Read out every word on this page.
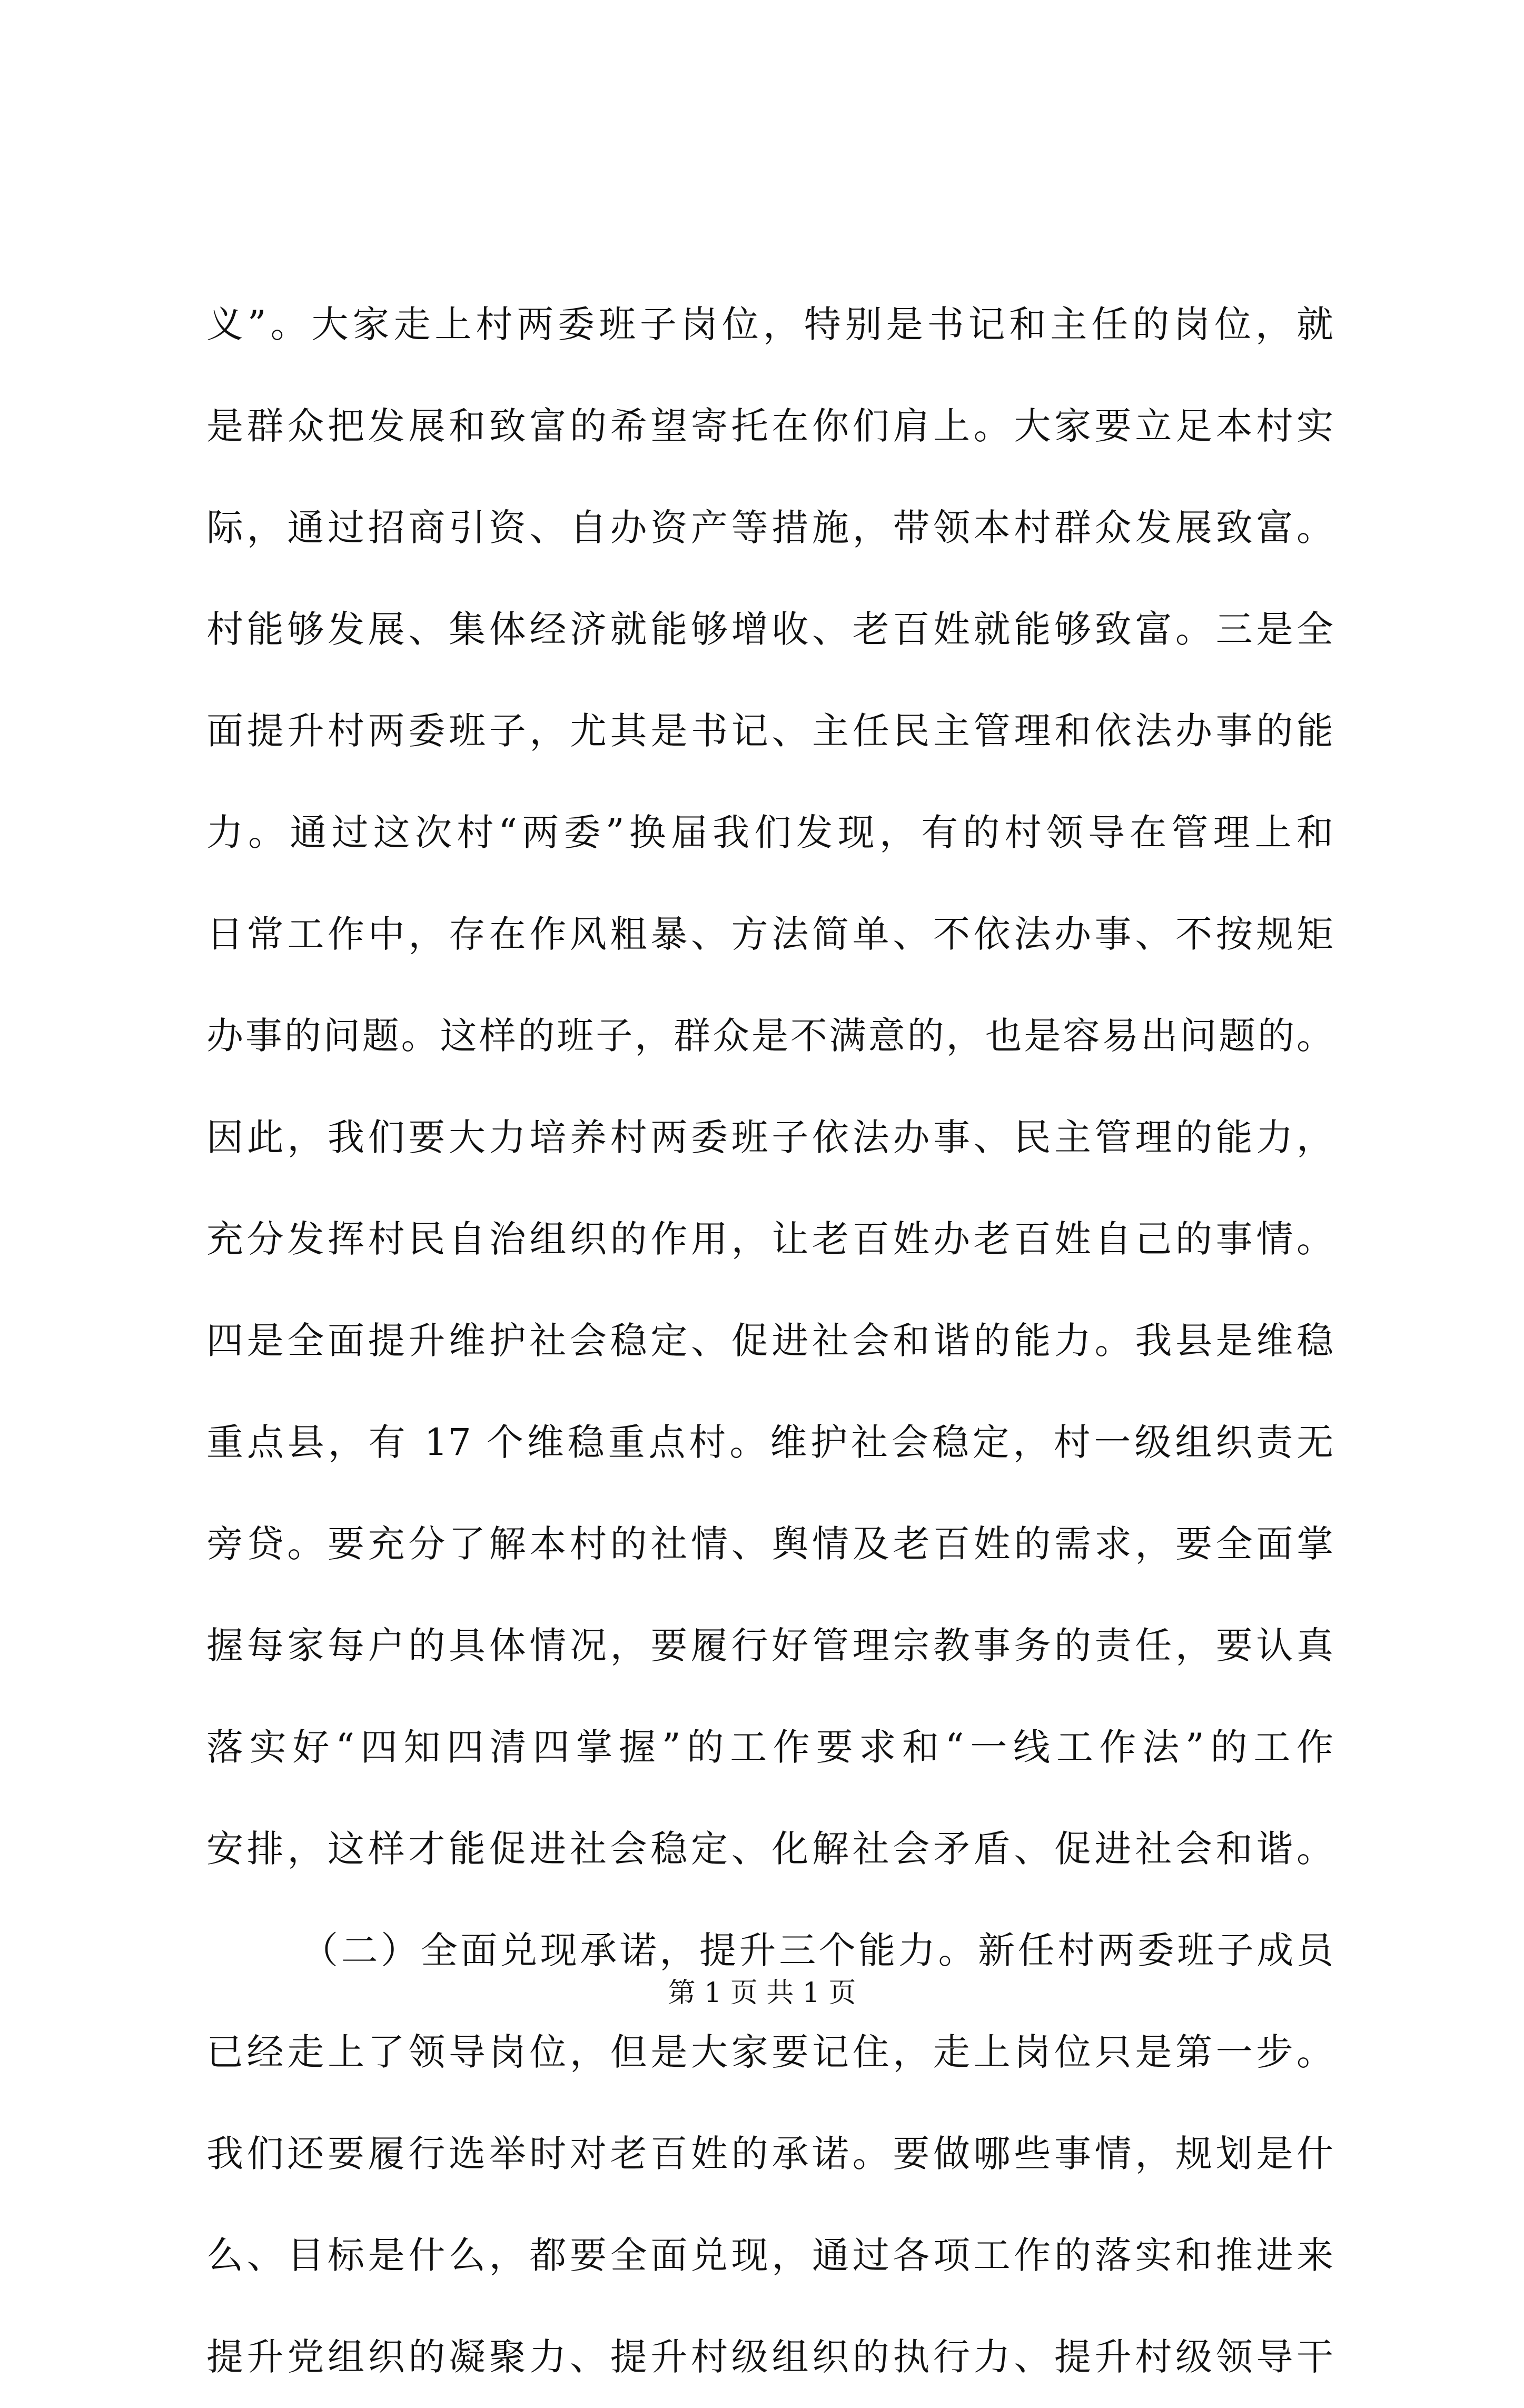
义”。大家走上村两委班子岗位，特别是书记和主任的岗位，就
是群众把发展和致富的希望寄托在你们肩上。大家要立足本村实
际，通过招商引资、自办资产等措施，带领本村群众发展致富。
村能够发展、集体经济就能够增收、老百姓就能够致富。三是全
面提升村两委班子，尤其是书记、主任民主管理和依法办事的能
力。通过这次村“两委”换届我们发现，有的村领导在管理上和
日常工作中，存在作风粗暴、方法简单、不依法办事、不按规矩
办事的问题。这样的班子，群众是不满意的，也是容易出问题的。
因此，我们要大力培养村两委班子依法办事、民主管理的能力，
充分发挥村民自治组织的作用，让老百姓办老百姓自己的事情。
四是全面提升维护社会稳定、促进社会和谐的能力。我县是维稳
重点县，有 17 个维稳重点村。维护社会稳定，村一级组织责无
旁贷。要充分了解本村的社情、舆情及老百姓的需求，要全面掌
握每家每户的具体情况，要履行好管理宗教事务的责任，要认真
落实好“四知四清四掌握”的工作要求和“一线工作法”的工作
安排，这样才能促进社会稳定、化解社会矛盾、促进社会和谐。
（二）全面兑现承诺，提升三个能力。新任村两委班子成员
已经走上了领导岗位，但是大家要记住，走上岗位只是第一步。
我们还要履行选举时对老百姓的承诺。要做哪些事情，规划是什
么、目标是什么，都要全面兑现，通过各项工作的落实和推进来
提升党组织的凝聚力、提升村级组织的执行力、提升村级领导干
第 1 页 共 1 页
